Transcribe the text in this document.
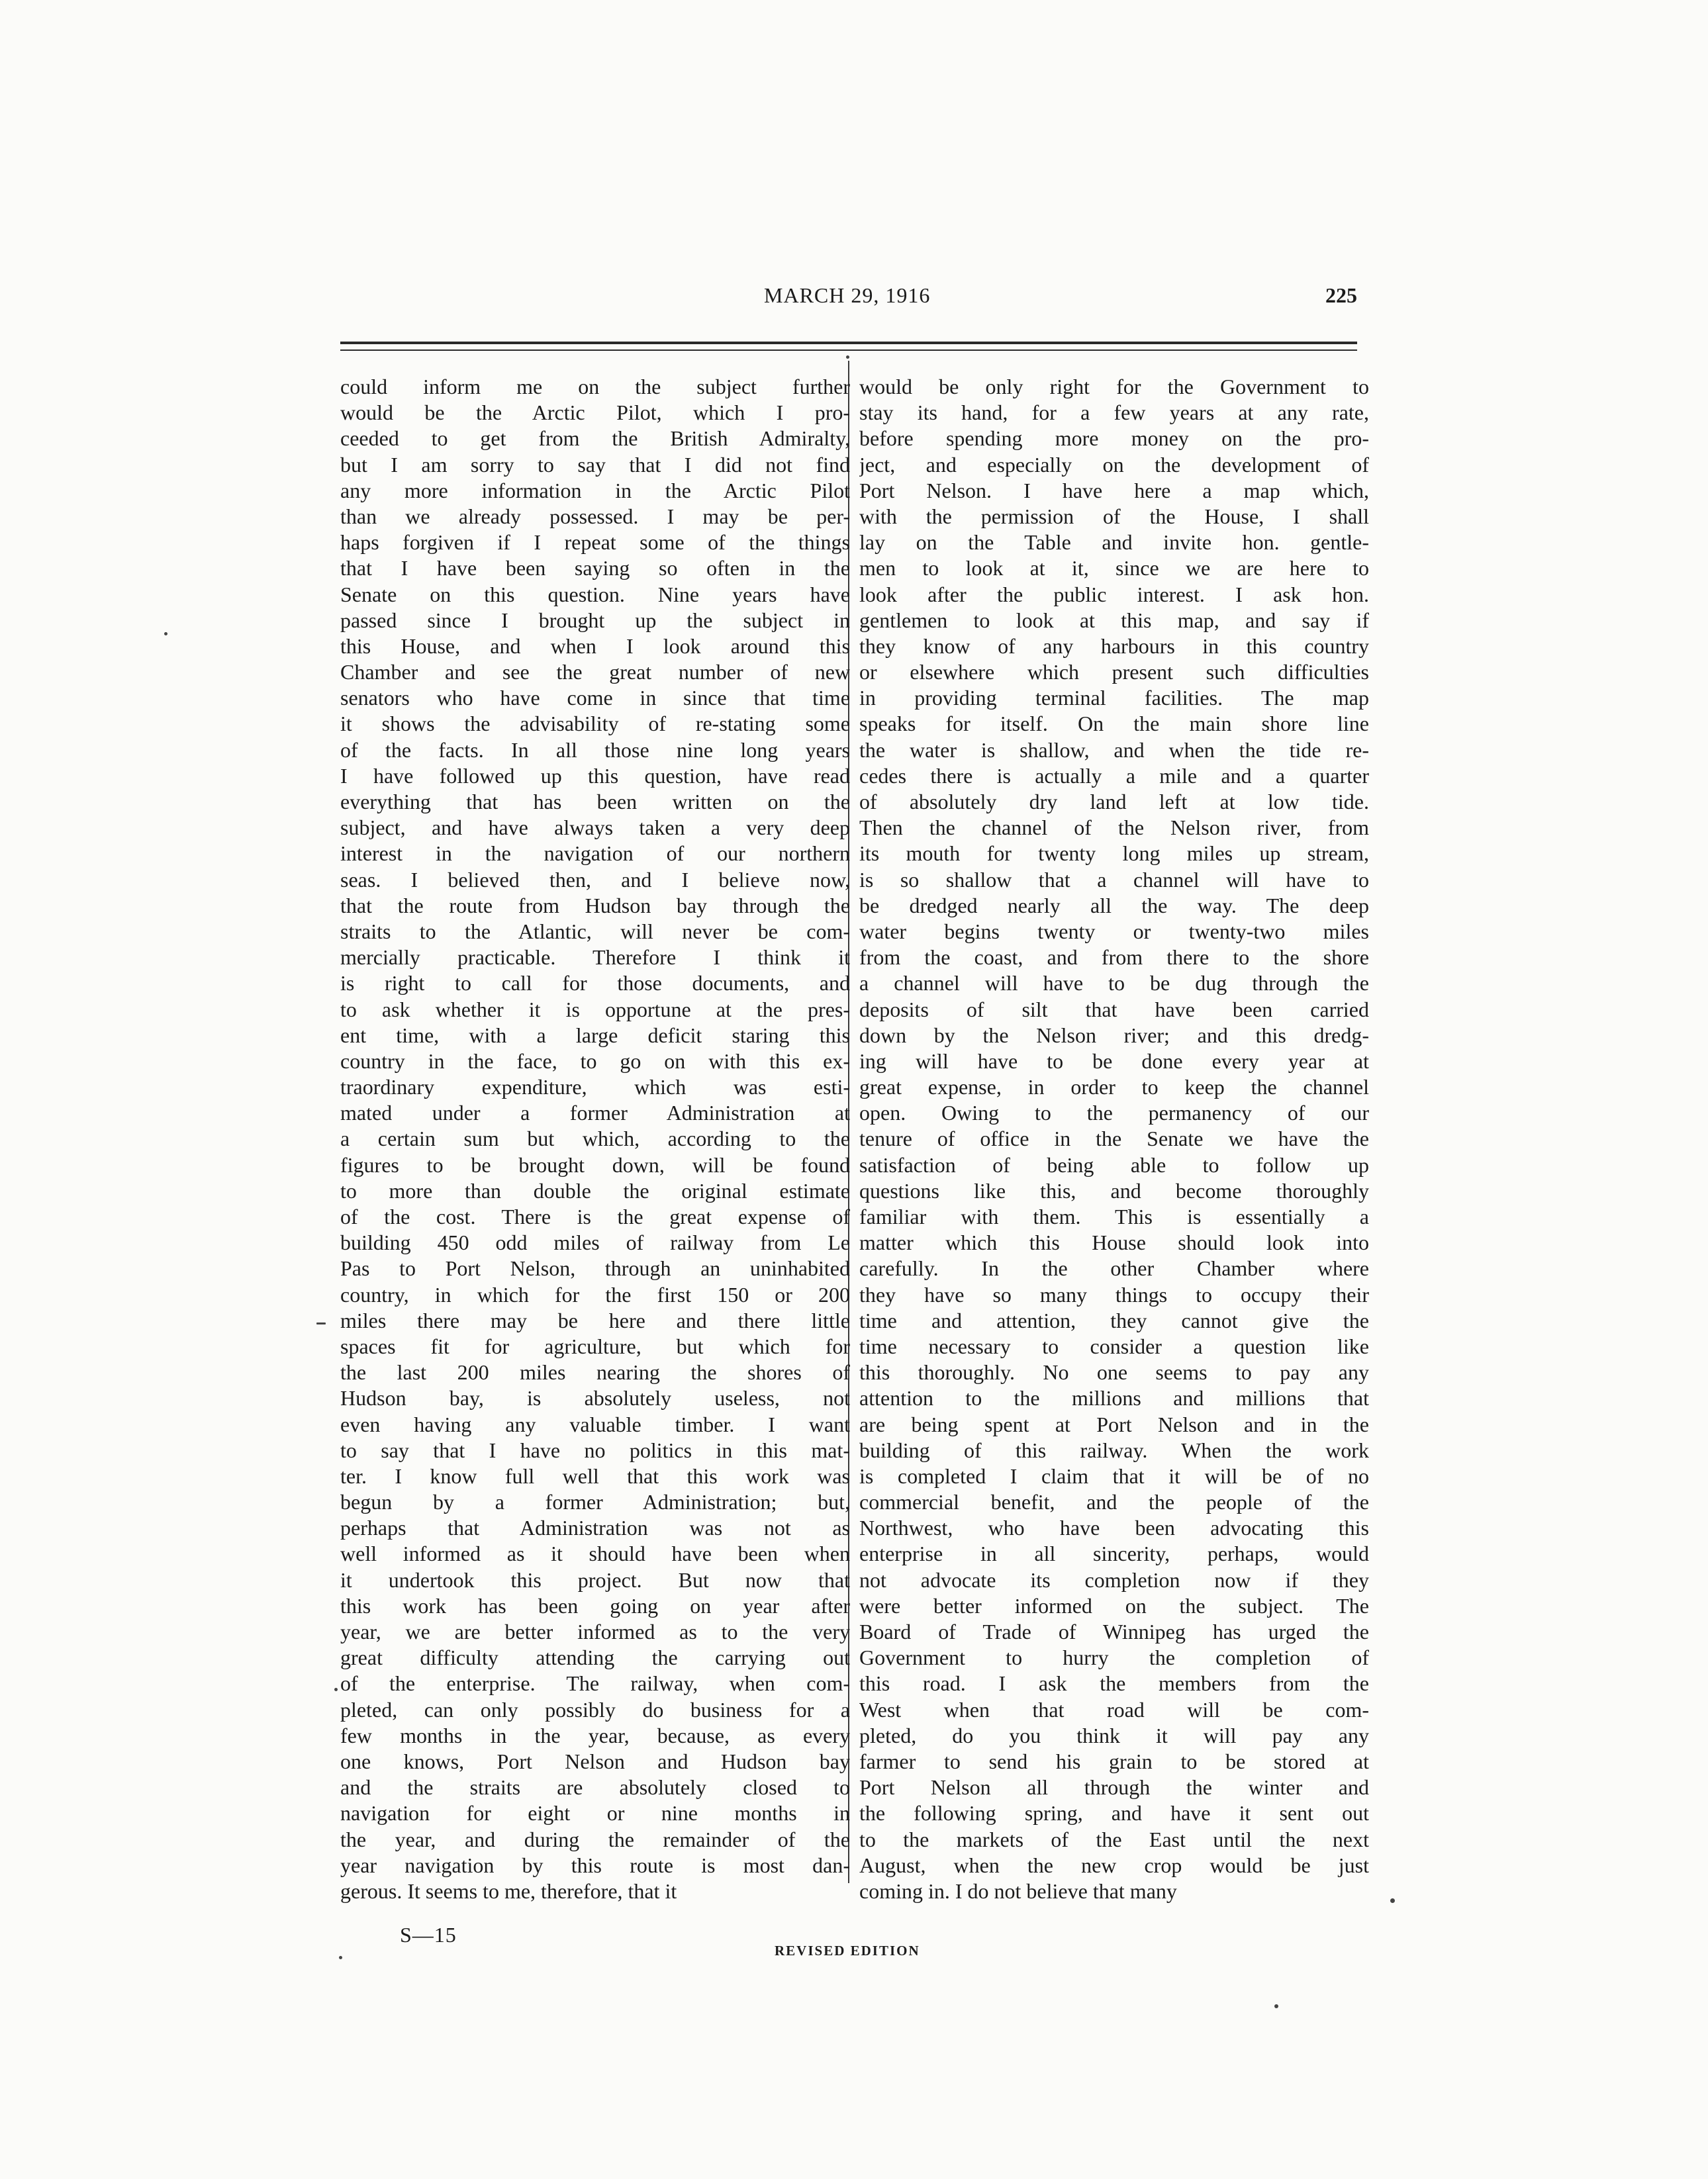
MARCH 29, 1916	225
could inform me on the subject further
would be the Arctic Pilot, which I pro-
ceeded to get from the British Admiralty,
but I am sorry to say that I did not find
any more information in the Arctic Pilot
than we already possessed. I may be per-
haps forgiven if I repeat some of the things
that I have been saying so often in the
Senate on this question. Nine years have
passed since I brought up the subject in
this House, and when I look around this
Chamber and see the great number of new
senators who have come in since that time
it shows the advisability of re-stating some
of the facts. In all those nine long years
I have followed up this question, have read
everything that has been written on the
subject, and have always taken a very deep
interest in the navigation of our northern
seas. I believed then, and I believe now,
that the route from Hudson bay through the
straits to the Atlantic, will never be com-
mercially practicable. Therefore I think it
is right to call for those documents, and
to ask whether it is opportune at the pres-
ent time, with a large deficit staring this
country in the face, to go on with this ex-
traordinary expenditure, which was esti-
mated under a former Administration at
a certain sum but which, according to the
figures to be brought down, will be found
to more than double the original estimate
of the cost. There is the great expense of
building 450 odd miles of railway from Le
Pas to Port Nelson, through an uninhabited
country, in which for the first 150 or 200
miles there may be here and there little
spaces fit for agriculture, but which for
the last 200 miles nearing the shores of
Hudson bay, is absolutely useless, not
even having any valuable timber. I want
to say that I have no politics in this mat-
ter. I know full well that this work was
begun by a former Administration; but,
perhaps that Administration was not as
well informed as it should have been when
it undertook this project. But now that
this work has been going on year after
year, we are better informed as to the very
great difficulty attending the carrying out
of the enterprise. The railway, when com-
pleted, can only possibly do business for a
few months in the year, because, as every
one knows, Port Nelson and Hudson bay
and the straits are absolutely closed to
navigation for eight or nine months in
the year, and during the remainder of the
year navigation by this route is most dan-
gerous. It seems to me, therefore, that it
would be only right for the Government to
stay its hand, for a few years at any rate,
before spending more money on the pro-
ject, and especially on the development of
Port Nelson. I have here a map which,
with the permission of the House, I shall
lay on the Table and invite hon. gentle-
men to look at it, since we are here to
look after the public interest. I ask hon.
gentlemen to look at this map, and say if
they know of any harbours in this country
or elsewhere which present such difficulties
in providing terminal facilities. The map
speaks for itself. On the main shore line
the water is shallow, and when the tide re-
cedes there is actually a mile and a quarter
of absolutely dry land left at low tide.
Then the channel of the Nelson river, from
its mouth for twenty long miles up stream,
is so shallow that a channel will have to
be dredged nearly all the way. The deep
water begins twenty or twenty-two miles
from the coast, and from there to the shore
a channel will have to be dug through the
deposits of silt that have been carried
down by the Nelson river; and this dredg-
ing will have to be done every year at
great expense, in order to keep the channel
open. Owing to the permanency of our
tenure of office in the Senate we have the
satisfaction of being able to follow up
questions like this, and become thoroughly
familiar with them. This is essentially a
matter which this House should look into
carefully. In the other Chamber where
they have so many things to occupy their
time and attention, they cannot give the
time necessary to consider a question like
this thoroughly. No one seems to pay any
attention to the millions and millions that
are being spent at Port Nelson and in the
building of this railway. When the work
is completed I claim that it will be of no
commercial benefit, and the people of the
Northwest, who have been advocating this
enterprise in all sincerity, perhaps, would
not advocate its completion now if they
were better informed on the subject. The
Board of Trade of Winnipeg has urged the
Government to hurry the completion of
this road. I ask the members from the
West when that road will be com-
pleted, do you think it will pay any
farmer to send his grain to be stored at
Port Nelson all through the winter and
the following spring, and have it sent out
to the markets of the East until the next
August, when the new crop would be just
coming in. I do not believe that many
S—15
REVISED EDITION
